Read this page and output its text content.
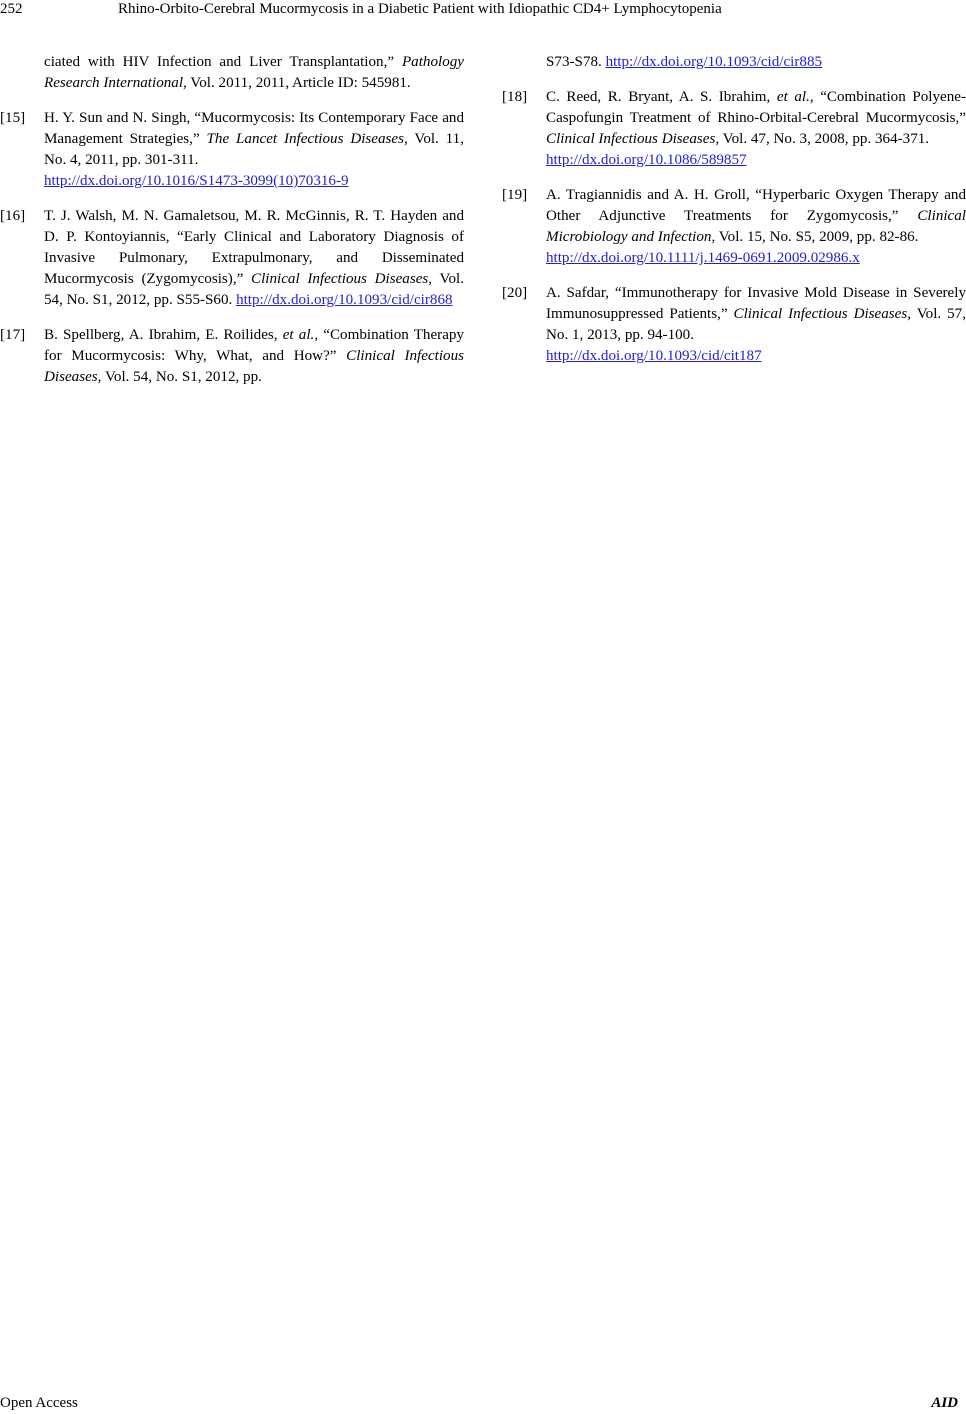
252	Rhino-Orbito-Cerebral Mucormycosis in a Diabetic Patient with Idiopathic CD4+ Lymphocytopenia
ciated with HIV Infection and Liver Transplantation,” Pathology Research International, Vol. 2011, 2011, Article ID: 545981.
[15] H. Y. Sun and N. Singh, “Mucormycosis: Its Contemporary Face and Management Strategies,” The Lancet Infectious Diseases, Vol. 11, No. 4, 2011, pp. 301-311.
http://dx.doi.org/10.1016/S1473-3099(10)70316-9
[16] T. J. Walsh, M. N. Gamaletsou, M. R. McGinnis, R. T. Hayden and D. P. Kontoyiannis, “Early Clinical and Laboratory Diagnosis of Invasive Pulmonary, Extrapulmonary, and Disseminated Mucormycosis (Zygomycosis),” Clinical Infectious Diseases, Vol. 54, No. S1, 2012, pp. S55-S60. http://dx.doi.org/10.1093/cid/cir868
[17] B. Spellberg, A. Ibrahim, E. Roilides, et al., “Combination Therapy for Mucormycosis: Why, What, and How?” Clinical Infectious Diseases, Vol. 54, No. S1, 2012, pp.
S73-S78. http://dx.doi.org/10.1093/cid/cir885
[18] C. Reed, R. Bryant, A. S. Ibrahim, et al., “Combination Polyene-Caspofungin Treatment of Rhino-Orbital-Cerebral Mucormycosis,” Clinical Infectious Diseases, Vol. 47, No. 3, 2008, pp. 364-371.
http://dx.doi.org/10.1086/589857
[19] A. Tragiannidis and A. H. Groll, “Hyperbaric Oxygen Therapy and Other Adjunctive Treatments for Zygomycosis,” Clinical Microbiology and Infection, Vol. 15, No. S5, 2009, pp. 82-86.
http://dx.doi.org/10.1111/j.1469-0691.2009.02986.x
[20] A. Safdar, “Immunotherapy for Invasive Mold Disease in Severely Immunosuppressed Patients,” Clinical Infectious Diseases, Vol. 57, No. 1, 2013, pp. 94-100.
http://dx.doi.org/10.1093/cid/cit187
Open Access	AID
